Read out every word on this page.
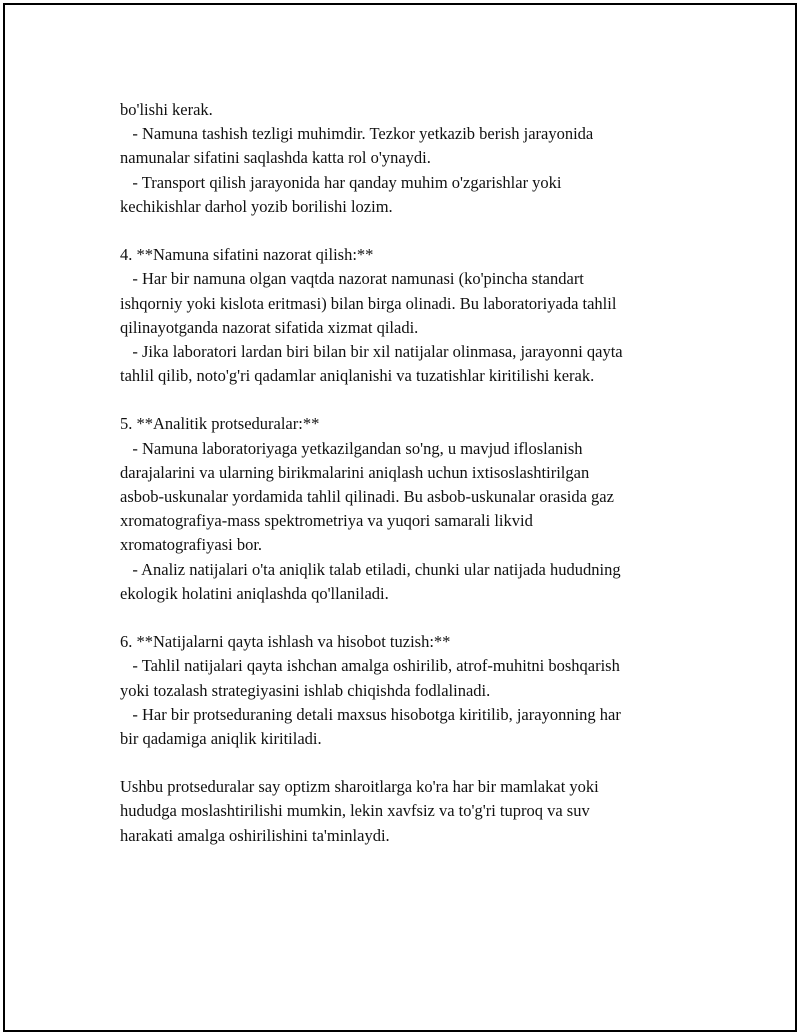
bo'lishi kerak.
- Namuna tashish tezligi muhimdir. Tezkor yetkazib berish jarayonida
namunalar sifatini saqlashda katta rol o'ynaydi.
- Transport qilish jarayonida har qanday muhim o'zgarishlar yoki
kechikishlar darhol yozib borilishi lozim.
4. **Namuna sifatini nazorat qilish:**
- Har bir namuna olgan vaqtda nazorat namunasi (ko'pincha standart
ishqorniy yoki kislota eritmasi) bilan birga olinadi. Bu laboratoriyada tahlil
qilinayotganda nazorat sifatida xizmat qiladi.
- Jika laboratori lardan biri bilan bir xil natijalar olinmasa, jarayonni qayta
tahlil qilib, noto'g'ri qadamlar aniqlanishi va tuzatishlar kiritilishi kerak.
5. **Analitik protseduralar:**
- Namuna laboratoriyaga yetkazilgandan so'ng, u mavjud ifloslanish
darajalarini va ularning birikmalarini aniqlash uchun ixtisoslashtirilgan
asbob-uskunalar yordamida tahlil qilinadi. Bu asbob-uskunalar orasida gaz
xromatografiya-mass spektrometriya va yuqori samarali likvid
xromatografiyasi bor.
- Analiz natijalari o'ta aniqlik talab etiladi, chunki ular natijada hududning
ekologik holatini aniqlashda qo'llaniladi.
6. **Natijalarni qayta ishlash va hisobot tuzish:**
- Tahlil natijalari qayta ishchan amalga oshirilib, atrof-muhitni boshqarish
yoki tozalash strategiyasini ishlab chiqishda fodlalinadi.
- Har bir protseduraning detali maxsus hisobotga kiritilib, jarayonning har
bir qadamiga aniqlik kiritiladi.
Ushbu protseduralar say optizm sharoitlarga ko'ra har bir mamlakat yoki
hududga moslashtirilishi mumkin, lekin xavfsiz va to'g'ri tuproq va suv
harakati amalga oshirilishini ta'minlaydi.
